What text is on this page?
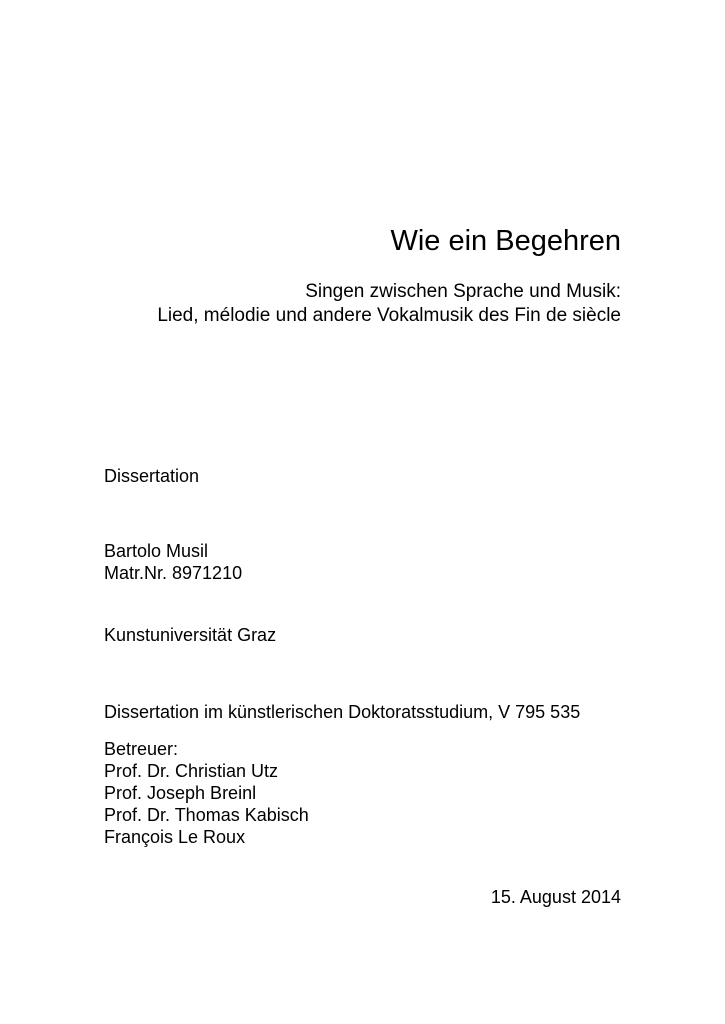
Wie ein Begehren
Singen zwischen Sprache und Musik:
Lied, mélodie und andere Vokalmusik des Fin de siècle
Dissertation
Bartolo Musil
Matr.Nr. 8971210
Kunstuniversität Graz
Dissertation im künstlerischen Doktoratsstudium, V 795 535
Betreuer:
Prof. Dr. Christian Utz
Prof. Joseph Breinl
Prof. Dr. Thomas Kabisch
François Le Roux
15. August 2014
